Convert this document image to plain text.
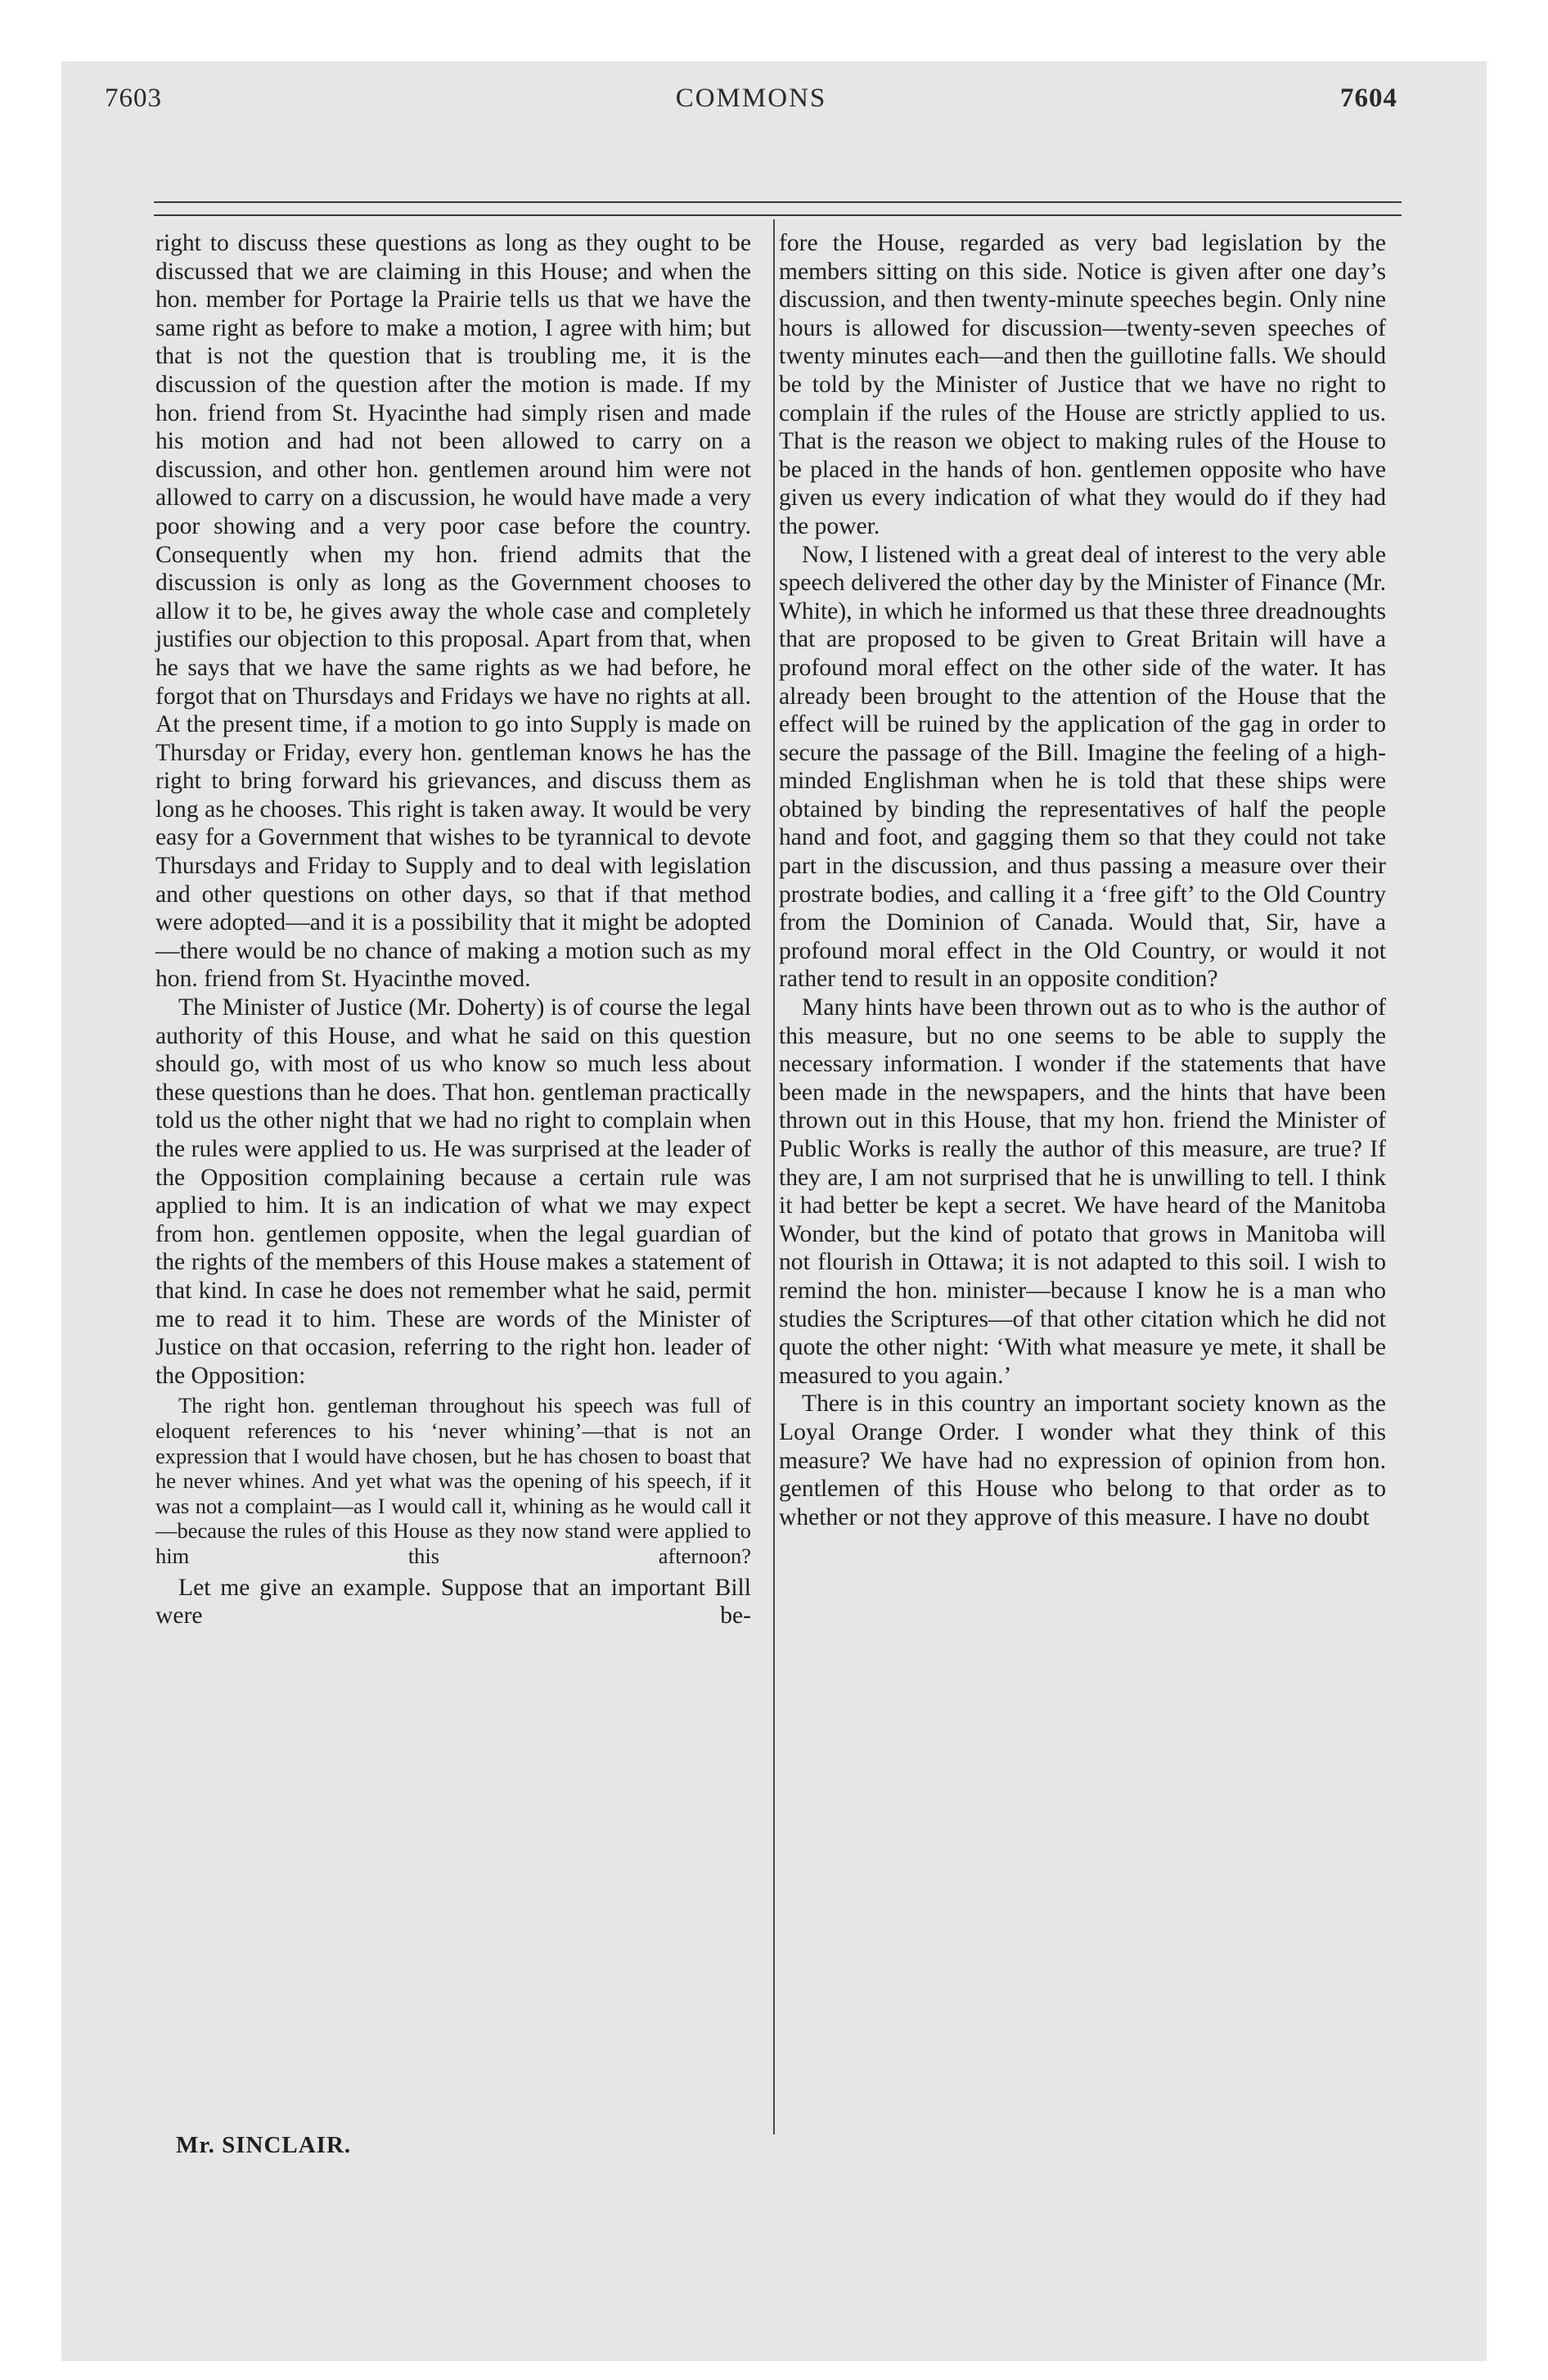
7603	COMMONS	7604

right to discuss these questions as long as they ought to be discussed that we are claiming in this House; and when the hon. member for Portage la Prairie tells us that we have the same right as before to make a motion, I agree with him; but that is not the question that is troubling me, it is the discussion of the question after the motion is made. If my hon. friend from St. Hyacinthe had simply risen and made his motion and had not been allowed to carry on a discussion, and other hon. gentlemen around him were not allowed to carry on a discussion, he would have made a very poor showing and a very poor case before the country. Consequently when my hon. friend admits that the discussion is only as long as the Government chooses to allow it to be, he gives away the whole case and completely justifies our objection to this proposal. Apart from that, when he says that we have the same rights as we had before, he forgot that on Thursdays and Fridays we have no rights at all. At the present time, if a motion to go into Supply is made on Thursday or Friday, every hon. gentleman knows he has the right to bring forward his grievances, and discuss them as long as he chooses. This right is taken away. It would be very easy for a Government that wishes to be tyrannical to devote Thursdays and Friday to Supply and to deal with legislation and other questions on other days, so that if that method were adopted—and it is a possibility that it might be adopted—there would be no chance of making a motion such as my hon. friend from St. Hyacinthe moved.

The Minister of Justice (Mr. Doherty) is of course the legal authority of this House, and what he said on this question should go, with most of us who know so much less about these questions than he does. That hon. gentleman practically told us the other night that we had no right to complain when the rules were applied to us. He was surprised at the leader of the Opposition complaining because a certain rule was applied to him. It is an indication of what we may expect from hon. gentlemen opposite, when the legal guardian of the rights of the members of this House makes a statement of that kind. In case he does not remember what he said, permit me to read it to him. These are words of the Minister of Justice on that occasion, referring to the right hon. leader of the Opposition:

The right hon. gentleman throughout his speech was full of eloquent references to his ‘never whining’—that is not an expression that I would have chosen, but he has chosen to boast that he never whines. And yet what was the opening of his speech, if it was not a complaint—as I would call it, whining as he would call it—because the rules of this House as they now stand were applied to him this afternoon?

Let me give an example. Suppose that an important Bill were be-

fore the House, regarded as very bad legislation by the members sitting on this side. Notice is given after one day’s discussion, and then twenty-minute speeches begin. Only nine hours is allowed for discussion—twenty-seven speeches of twenty minutes each—and then the guillotine falls. We should be told by the Minister of Justice that we have no right to complain if the rules of the House are strictly applied to us. That is the reason we object to making rules of the House to be placed in the hands of hon. gentlemen opposite who have given us every indication of what they would do if they had the power.

Now, I listened with a great deal of interest to the very able speech delivered the other day by the Minister of Finance (Mr. White), in which he informed us that these three dreadnoughts that are proposed to be given to Great Britain will have a profound moral effect on the other side of the water. It has already been brought to the attention of the House that the effect will be ruined by the application of the gag in order to secure the passage of the Bill. Imagine the feeling of a high-minded Englishman when he is told that these ships were obtained by binding the representatives of half the people hand and foot, and gagging them so that they could not take part in the discussion, and thus passing a measure over their prostrate bodies, and calling it a ‘free gift’ to the Old Country from the Dominion of Canada. Would that, Sir, have a profound moral effect in the Old Country, or would it not rather tend to result in an opposite condition?

Many hints have been thrown out as to who is the author of this measure, but no one seems to be able to supply the necessary information. I wonder if the statements that have been made in the newspapers, and the hints that have been thrown out in this House, that my hon. friend the Minister of Public Works is really the author of this measure, are true? If they are, I am not surprised that he is unwilling to tell. I think it had better be kept a secret. We have heard of the Manitoba Wonder, but the kind of potato that grows in Manitoba will not flourish in Ottawa; it is not adapted to this soil. I wish to remind the hon. minister—because I know he is a man who studies the Scriptures—of that other citation which he did not quote the other night: ‘With what measure ye mete, it shall be measured to you again.’

There is in this country an important society known as the Loyal Orange Order. I wonder what they think of this measure? We have had no expression of opinion from hon. gentlemen of this House who belong to that order as to whether or not they approve of this measure. I have no doubt

Mr. SINCLAIR.
